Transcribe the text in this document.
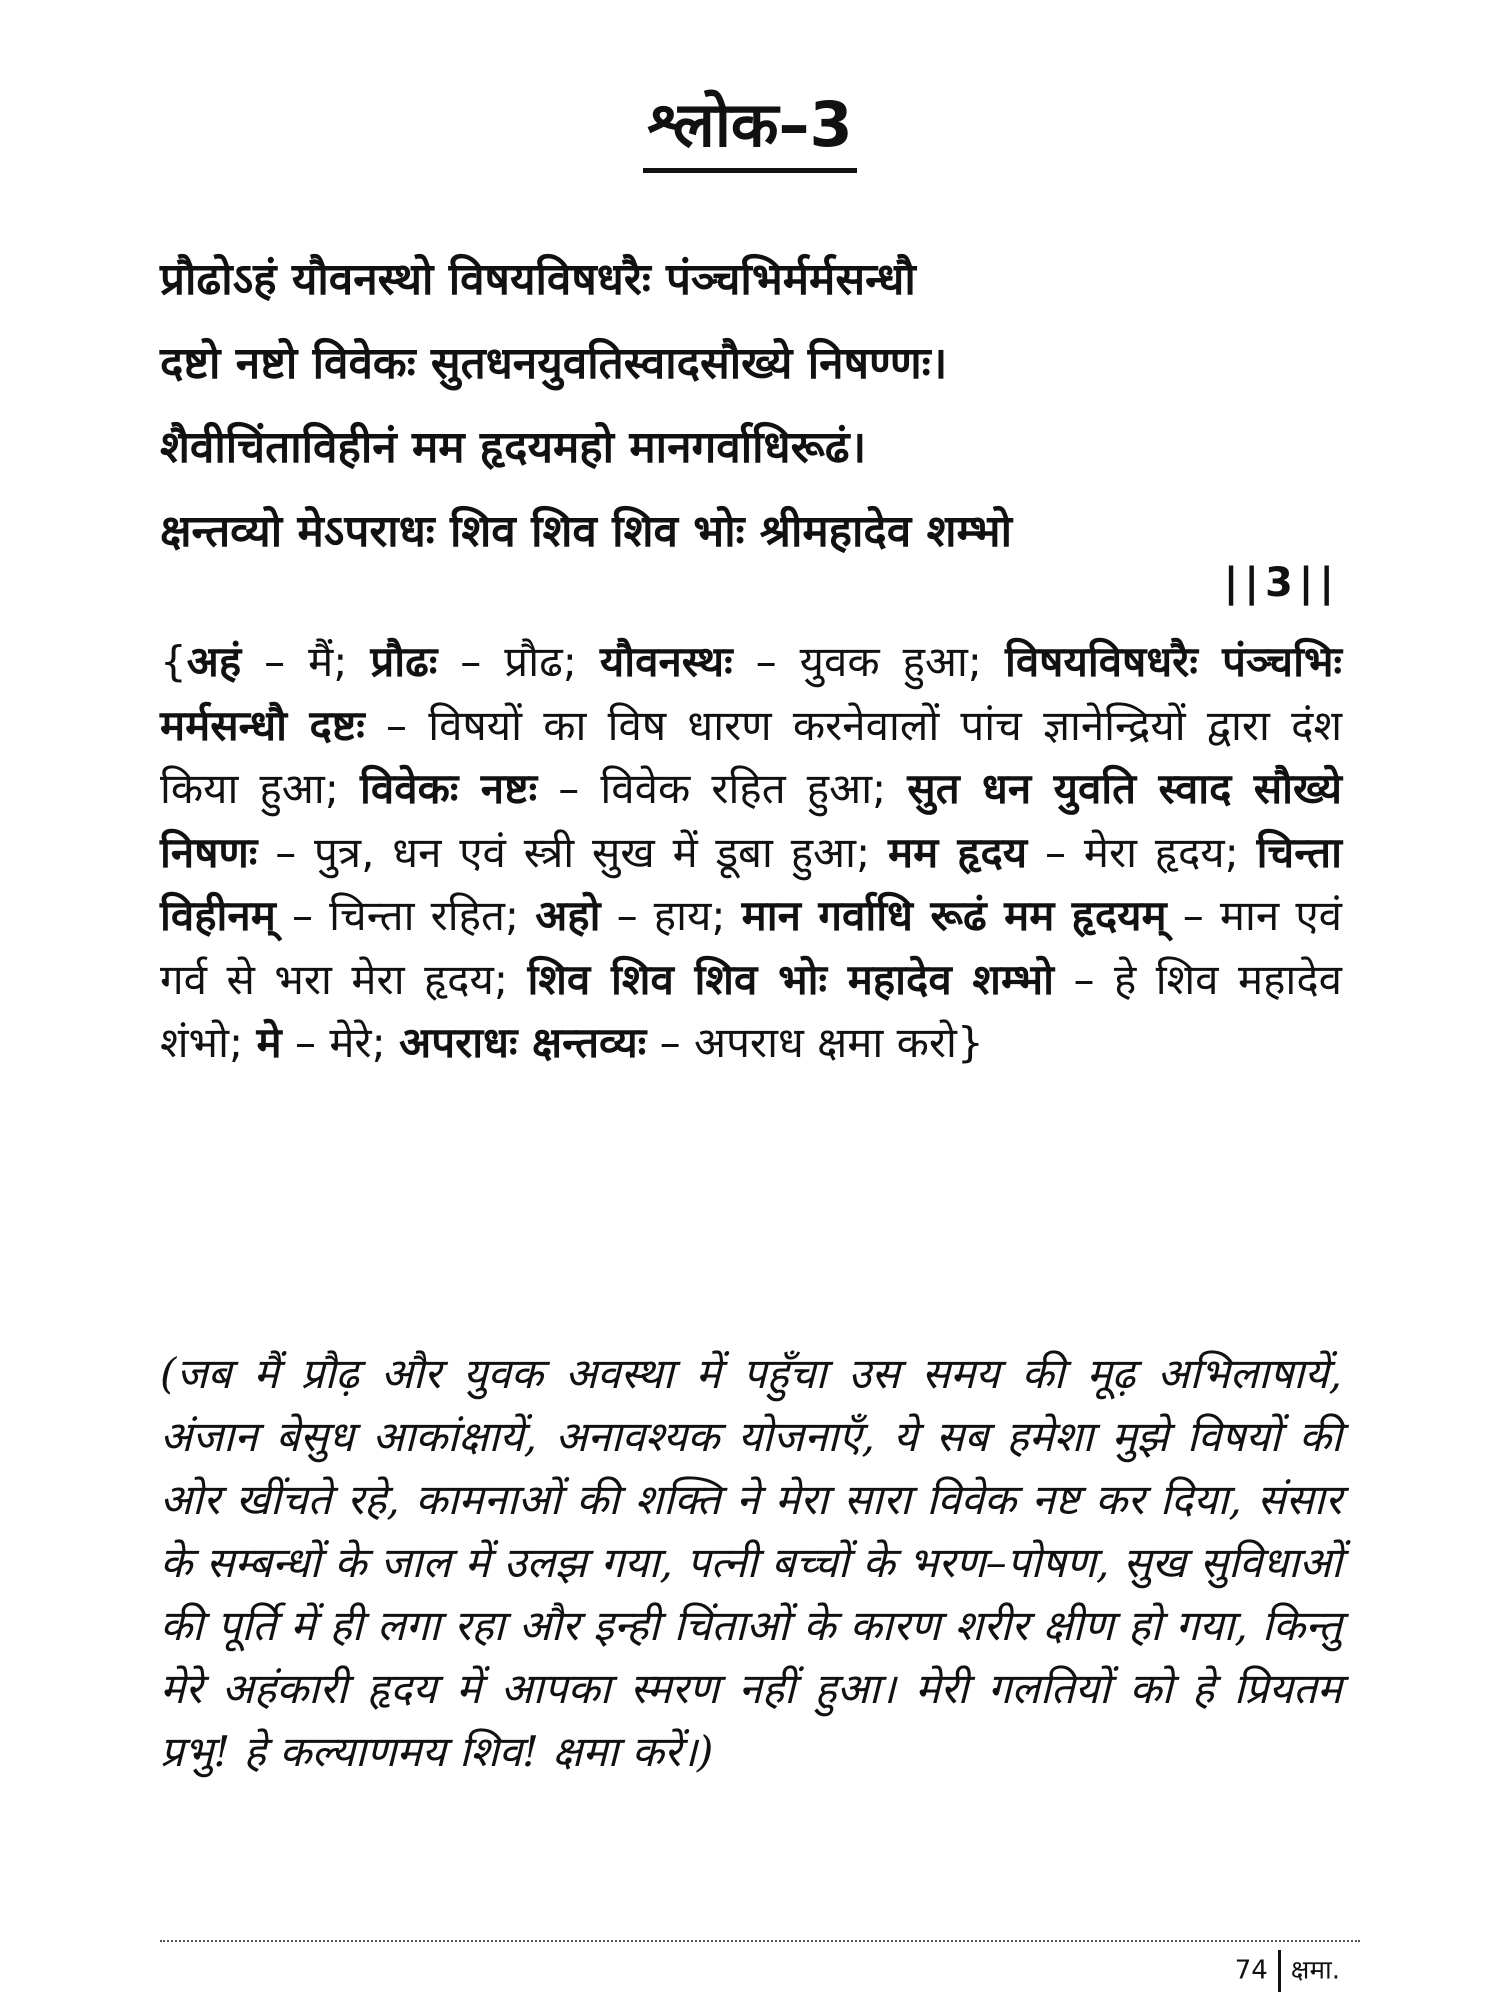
श्लोक–3
प्रौढोऽहं यौवनस्थो विषयविषधरैः पंञ्चभिर्मर्मसन्धौ
दष्टो नष्टो विवेकः सुतधनयुवतिस्वादसौख्ये निषण्णः।
शैवीचिंताविहीनं मम हृदयमहो मानगर्वाधिरूढं।
क्षन्तव्यो मेऽपराधः शिव शिव शिव भोः श्रीमहादेव शम्भो
||3||
{अहं – मैं; प्रौढः – प्रौढ; यौवनस्थः – युवक हुआ; विषयविषधरैः पंञ्चभिः मर्मसन्धौ दष्टः – विषयों का विष धारण करनेवालों पांच ज्ञानेन्द्रियों द्वारा दंश किया हुआ; विवेकः नष्टः – विवेक रहित हुआ; सुत धन युवति स्वाद सौख्ये निषणः – पुत्र, धन एवं स्त्री सुख में डूबा हुआ; मम हृदय – मेरा हृदय; चिन्ता विहीनम् – चिन्ता रहित; अहो – हाय; मान गर्वाधि रूढं मम हृदयम् – मान एवं गर्व से भरा मेरा हृदय; शिव शिव शिव भोः महादेव शम्भो – हे शिव महादेव शंभो; मे – मेरे; अपराधः क्षन्तव्यः – अपराध क्षमा करो}

(जब मैं प्रौढ़ और युवक अवस्था में पहुँचा उस समय की मूढ़ अभिलाषायें, अंजान बेसुध आकांक्षायें, अनावश्यक योजनाएँ, ये सब हमेशा मुझे विषयों की ओर खींचते रहे, कामनाओं की शक्ति ने मेरा सारा विवेक नष्ट कर दिया, संसार के सम्बन्धों के जाल में उलझ गया, पत्नी बच्चों के भरण–पोषण, सुख सुविधाओं की पूर्ति में ही लगा रहा और इन्ही चिंताओं के कारण शरीर क्षीण हो गया, किन्तु मेरे अहंकारी हृदय में आपका स्मरण नहीं हुआ। मेरी गलतियों को हे प्रियतम प्रभु! हे कल्याणमय शिव! क्षमा करें।)

74 क्षमा.
